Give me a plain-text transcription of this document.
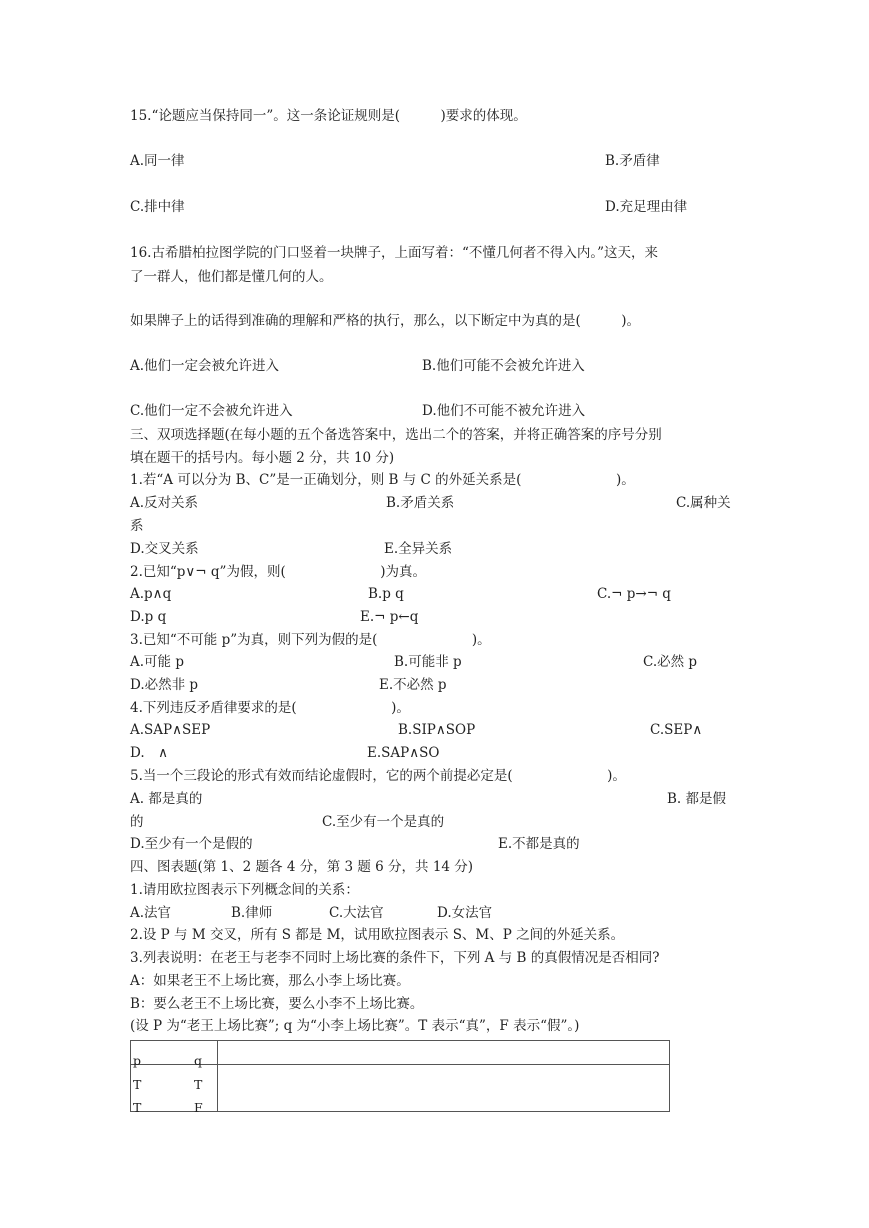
15.“论题应当保持同一”。这一条论证规则是(　　　)要求的体现。
A.同一律	B.矛盾律
C.排中律	D.充足理由律
16.古希腊柏拉图学院的门口竖着一块牌子，上面写着：“不懂几何者不得入内。”这天，来
了一群人，他们都是懂几何的人。
如果牌子上的话得到准确的理解和严格的执行，那么，以下断定中为真的是(　　　)。
A.他们一定会被允许进入	B.他们可能不会被允许进入
C.他们一定不会被允许进入	D.他们不可能不被允许进入
三、双项选择题(在每小题的五个备选答案中，选出二个的答案，并将正确答案的序号分别
填在题干的括号内。每小题 2 分，共 10 分)
1.若“A 可以分为 B、C”是一正确划分，则 B 与 C 的外延关系是(　　　　　　　)。
A.反对关系	B.矛盾关系	C.属种关
系
D.交叉关系	E.全异关系
2.已知“p∨¬ q”为假，则(　　　　　　　)为真。
A.p∧q	B.p q	C.¬ p→¬ q
D.p q	E.¬ p←q
3.已知“不可能 p”为真，则下列为假的是(　　　　　　　)。
A.可能 p	B.可能非 p	C.必然 p
D.必然非 p	E.不必然 p
4.下列违反矛盾律要求的是(　　　　　　　)。
A.SAP∧SEP	B.SIP∧SOP	C.SEP∧
D.　∧	E.SAP∧SO
5.当一个三段论的形式有效而结论虚假时，它的两个前提必定是(　　　　　　　)。
A. 都是真的	B. 都是假
的	C.至少有一个是真的
D.至少有一个是假的	E.不都是真的
四、图表题(第 1、2 题各 4 分，第 3 题 6 分，共 14 分)
1.请用欧拉图表示下列概念间的关系：
A.法官	B.律师	C.大法官	D.女法官
2.设 P 与 M 交叉，所有 S 都是 M，试用欧拉图表示 S、M、P 之间的外延关系。
3.列表说明：在老王与老李不同时上场比赛的条件下，下列 A 与 B 的真假情况是否相同?
A：如果老王不上场比赛，那么小李上场比赛。
B：要么老王不上场比赛，要么小李不上场比赛。
(设 P 为“老王上场比赛”; q 为“小李上场比赛”。T 表示“真”，F 表示“假”。)
p q	

T T	

T F	
